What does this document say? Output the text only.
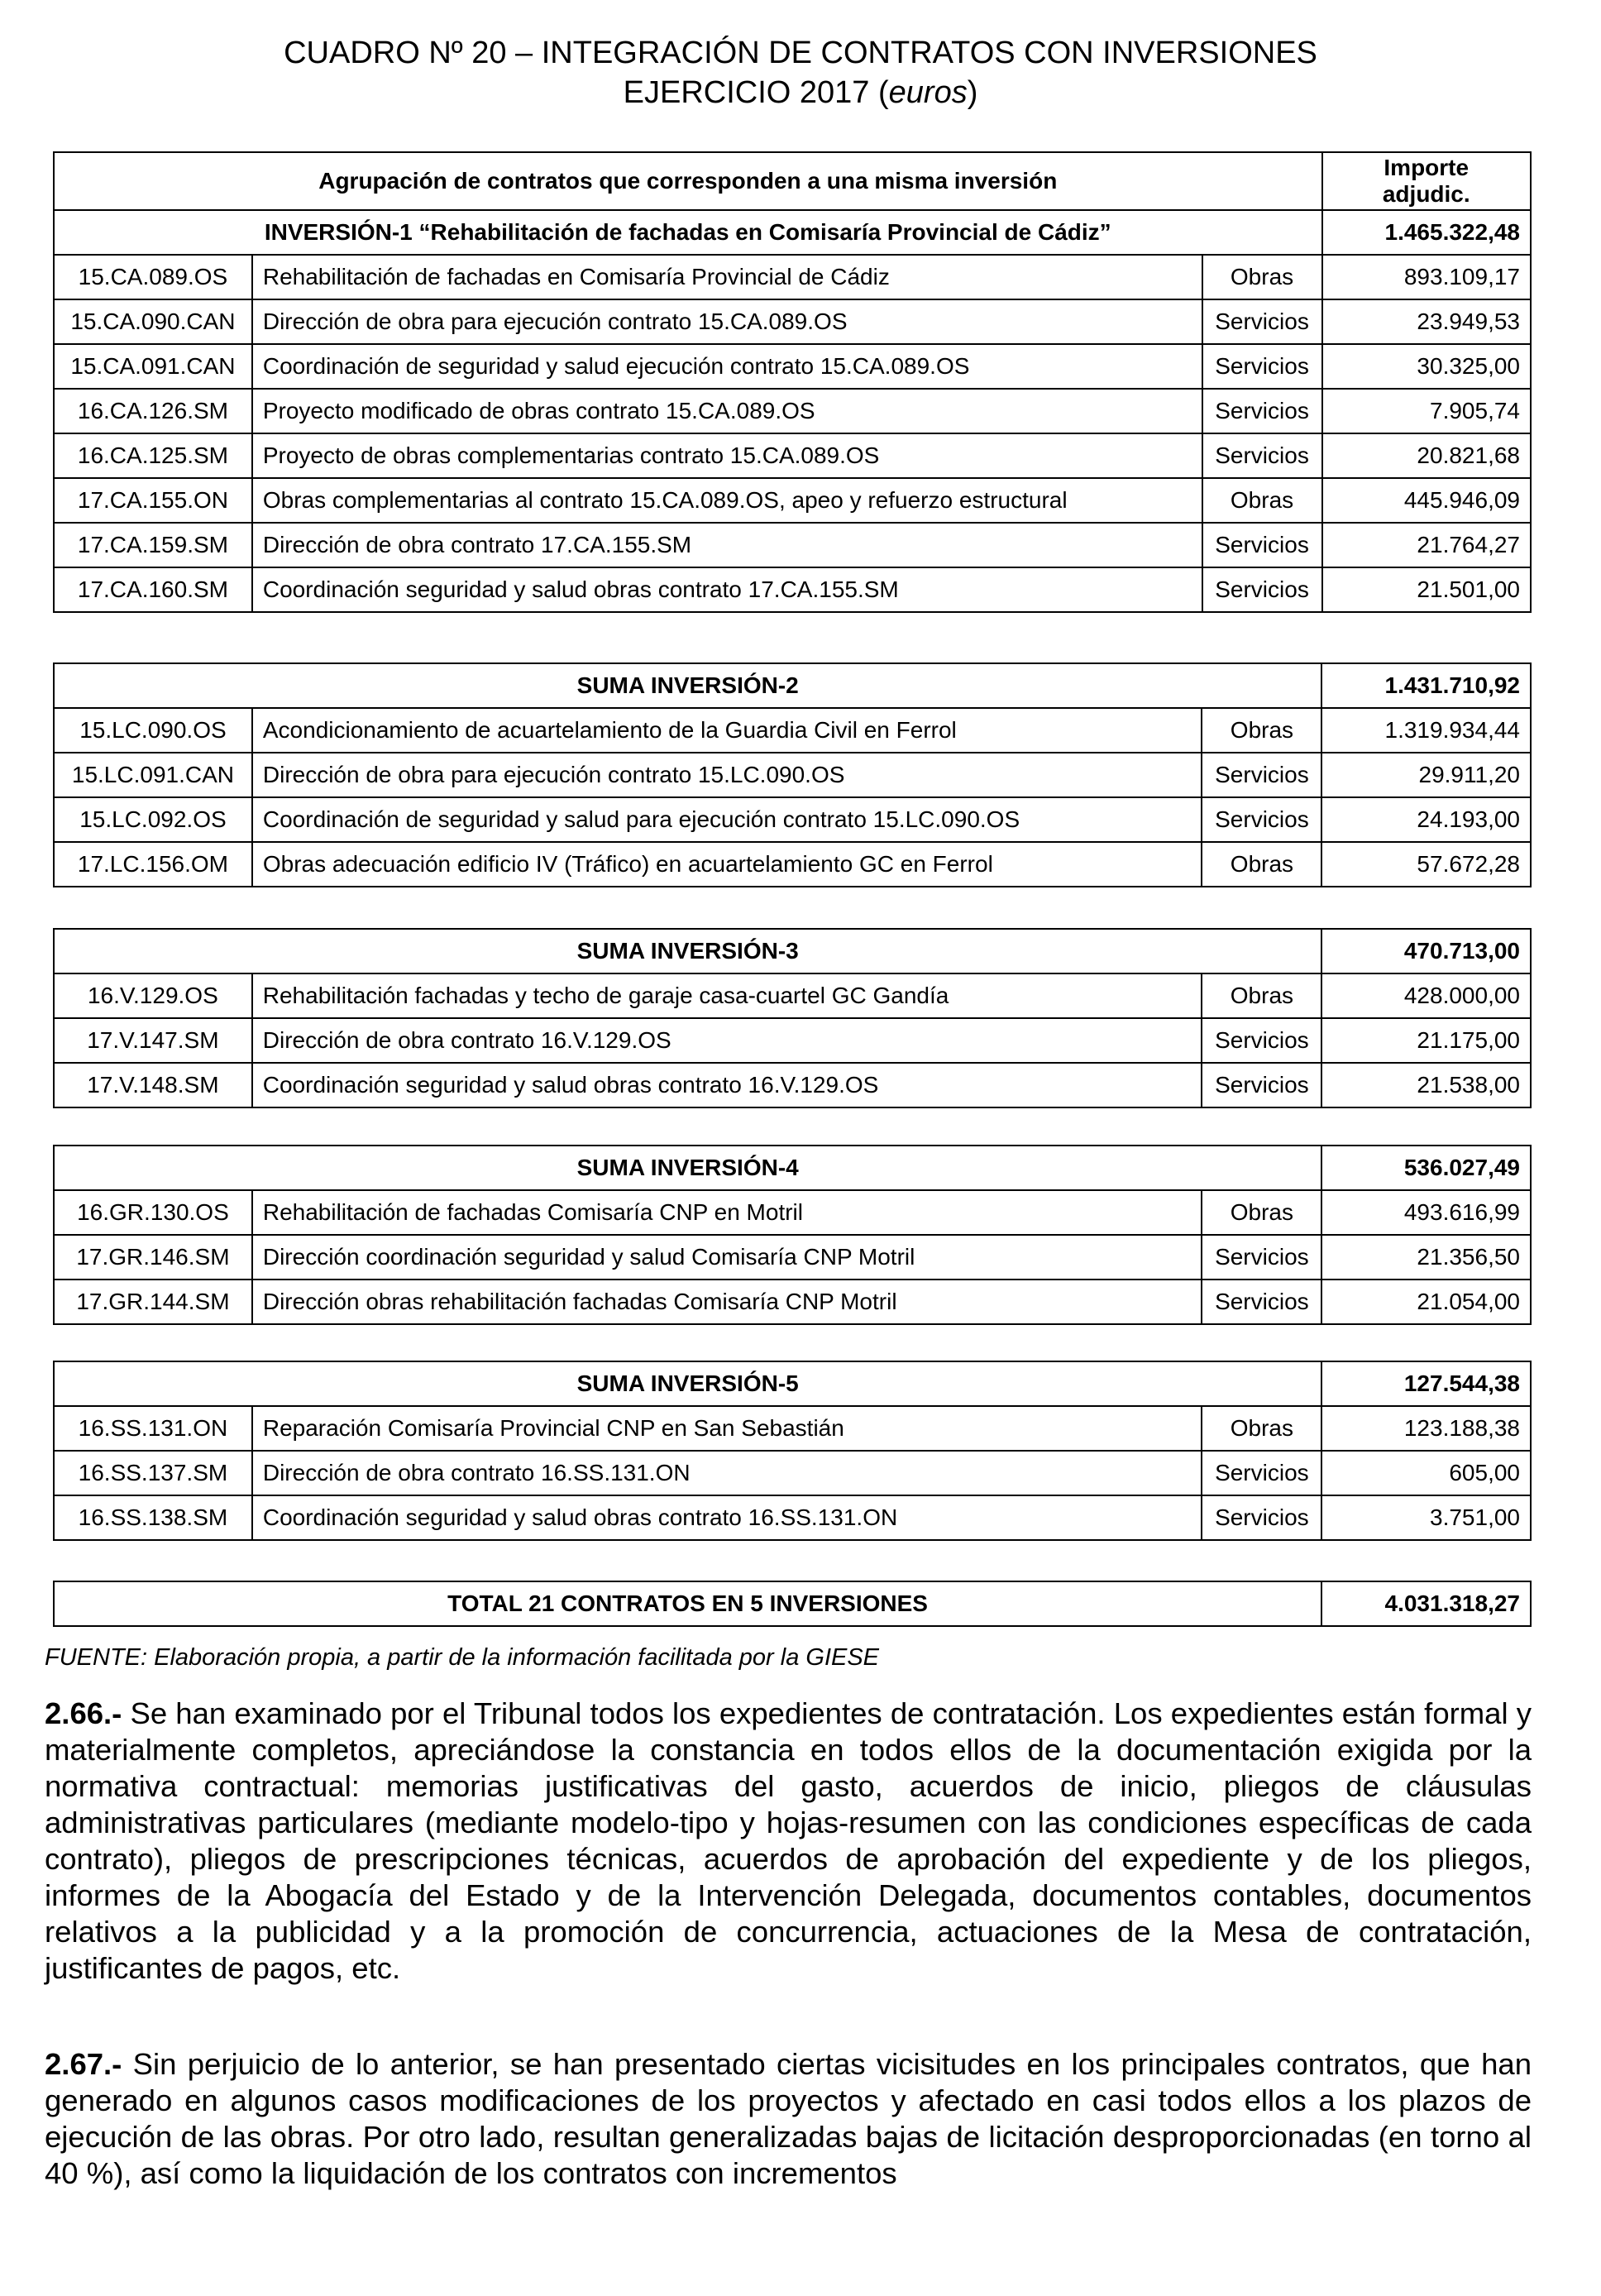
CUADRO Nº 20 – INTEGRACIÓN DE CONTRATOS CON INVERSIONES
EJERCICIO 2017 (euros)
Agrupación de contratos que corresponden a una misma inversión			Importe
adjudic.
INVERSIÓN-1 “Rehabilitación de fachadas en Comisaría Provincial de Cádiz”			1.465.322,48
15.CA.089.OS	Rehabilitación de fachadas en Comisaría Provincial de Cádiz	Obras	893.109,17
15.CA.090.CAN	Dirección de obra para ejecución contrato 15.CA.089.OS	Servicios	23.949,53
15.CA.091.CAN	Coordinación de seguridad y salud ejecución contrato 15.CA.089.OS	Servicios	30.325,00
16.CA.126.SM	Proyecto modificado de obras contrato 15.CA.089.OS	Servicios	7.905,74
16.CA.125.SM	Proyecto de obras complementarias contrato 15.CA.089.OS	Servicios	20.821,68
17.CA.155.ON	Obras complementarias al contrato 15.CA.089.OS, apeo y refuerzo estructural	Obras	445.946,09
17.CA.159.SM	Dirección de obra contrato 17.CA.155.SM	Servicios	21.764,27
17.CA.160.SM	Coordinación seguridad y salud obras contrato 17.CA.155.SM	Servicios	21.501,00
SUMA INVERSIÓN-2			1.431.710,92
15.LC.090.OS	Acondicionamiento de acuartelamiento de la Guardia Civil en Ferrol	Obras	1.319.934,44
15.LC.091.CAN	Dirección de obra para ejecución contrato 15.LC.090.OS	Servicios	29.911,20
15.LC.092.OS	Coordinación de seguridad y salud para ejecución contrato 15.LC.090.OS	Servicios	24.193,00
17.LC.156.OM	Obras adecuación edificio IV (Tráfico) en acuartelamiento GC en Ferrol	Obras	57.672,28
SUMA INVERSIÓN-3			470.713,00
16.V.129.OS	Rehabilitación fachadas y techo de garaje casa-cuartel GC Gandía	Obras	428.000,00
17.V.147.SM	Dirección de obra contrato 16.V.129.OS	Servicios	21.175,00
17.V.148.SM	Coordinación seguridad y salud obras contrato 16.V.129.OS	Servicios	21.538,00
SUMA INVERSIÓN-4			536.027,49
16.GR.130.OS	Rehabilitación de fachadas Comisaría CNP en Motril	Obras	493.616,99
17.GR.146.SM	Dirección coordinación seguridad y salud Comisaría CNP Motril	Servicios	21.356,50
17.GR.144.SM	Dirección obras rehabilitación fachadas Comisaría CNP Motril	Servicios	21.054,00
SUMA INVERSIÓN-5			127.544,38
16.SS.131.ON	Reparación Comisaría Provincial CNP en San Sebastián	Obras	123.188,38
16.SS.137.SM	Dirección de obra contrato 16.SS.131.ON	Servicios	605,00
16.SS.138.SM	Coordinación seguridad y salud obras contrato 16.SS.131.ON	Servicios	3.751,00
TOTAL 21 CONTRATOS EN 5 INVERSIONES	4.031.318,27
FUENTE: Elaboración propia, a partir de la información facilitada por la GIESE

2.66.- Se han examinado por el Tribunal todos los expedientes de contratación. Los expedientes están formal y materialmente completos, apreciándose la constancia en todos ellos de la documentación exigida por la normativa contractual: memorias justificativas del gasto, acuerdos de inicio, pliegos de cláusulas administrativas particulares (mediante modelo-tipo y hojas-resumen con las condiciones específicas de cada contrato), pliegos de prescripciones técnicas, acuerdos de aprobación del expediente y de los pliegos, informes de la Abogacía del Estado y de la Intervención Delegada, documentos contables, documentos relativos a la publicidad y a la promoción de concurrencia, actuaciones de la Mesa de contratación, justificantes de pagos, etc.

2.67.- Sin perjuicio de lo anterior, se han presentado ciertas vicisitudes en los principales contratos, que han generado en algunos casos modificaciones de los proyectos y afectado en casi todos ellos a los plazos de ejecución de las obras. Por otro lado, resultan generalizadas bajas de licitación desproporcionadas (en torno al 40 %), así como la liquidación de los contratos con incrementos
